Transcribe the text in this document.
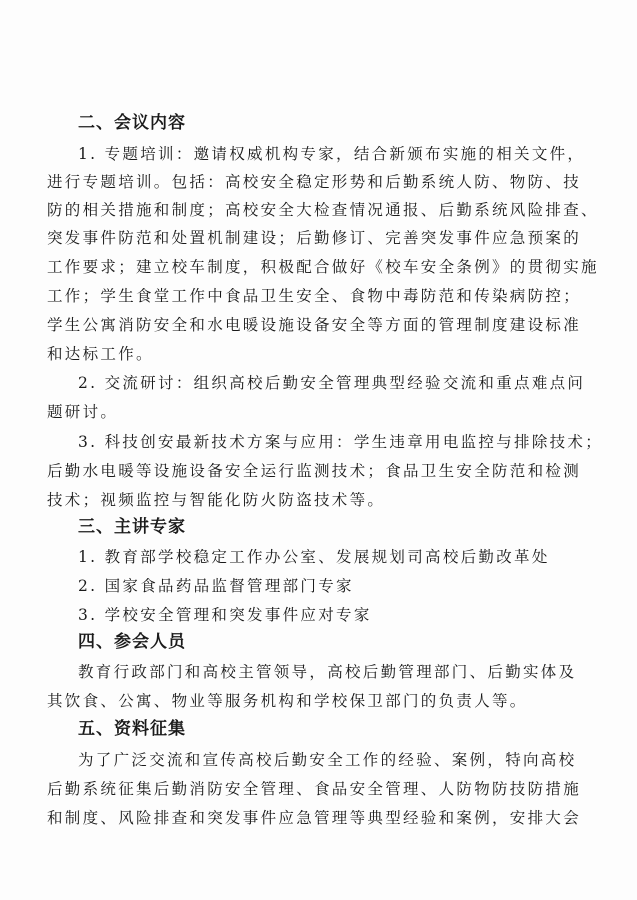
二、会议内容
1. 专题培训：邀请权威机构专家，结合新颁布实施的相关文件，
进行专题培训。包括：高校安全稳定形势和后勤系统人防、物防、技
防的相关措施和制度；高校安全大检查情况通报、后勤系统风险排查、
突发事件防范和处置机制建设；后勤修订、完善突发事件应急预案的
工作要求；建立校车制度，积极配合做好《校车安全条例》的贯彻实施
工作；学生食堂工作中食品卫生安全、食物中毒防范和传染病防控；
学生公寓消防安全和水电暖设施设备安全等方面的管理制度建设标准
和达标工作。
2. 交流研讨：组织高校后勤安全管理典型经验交流和重点难点问
题研讨。
3. 科技创安最新技术方案与应用：学生违章用电监控与排除技术；
后勤水电暖等设施设备安全运行监测技术；食品卫生安全防范和检测
技术；视频监控与智能化防火防盗技术等。
三、主讲专家
1. 教育部学校稳定工作办公室、发展规划司高校后勤改革处
2. 国家食品药品监督管理部门专家
3. 学校安全管理和突发事件应对专家
四、参会人员
教育行政部门和高校主管领导，高校后勤管理部门、后勤实体及
其饮食、公寓、物业等服务机构和学校保卫部门的负责人等。
五、资料征集
为了广泛交流和宣传高校后勤安全工作的经验、案例，特向高校
后勤系统征集后勤消防安全管理、食品安全管理、人防物防技防措施
和制度、风险排查和突发事件应急管理等典型经验和案例，安排大会
